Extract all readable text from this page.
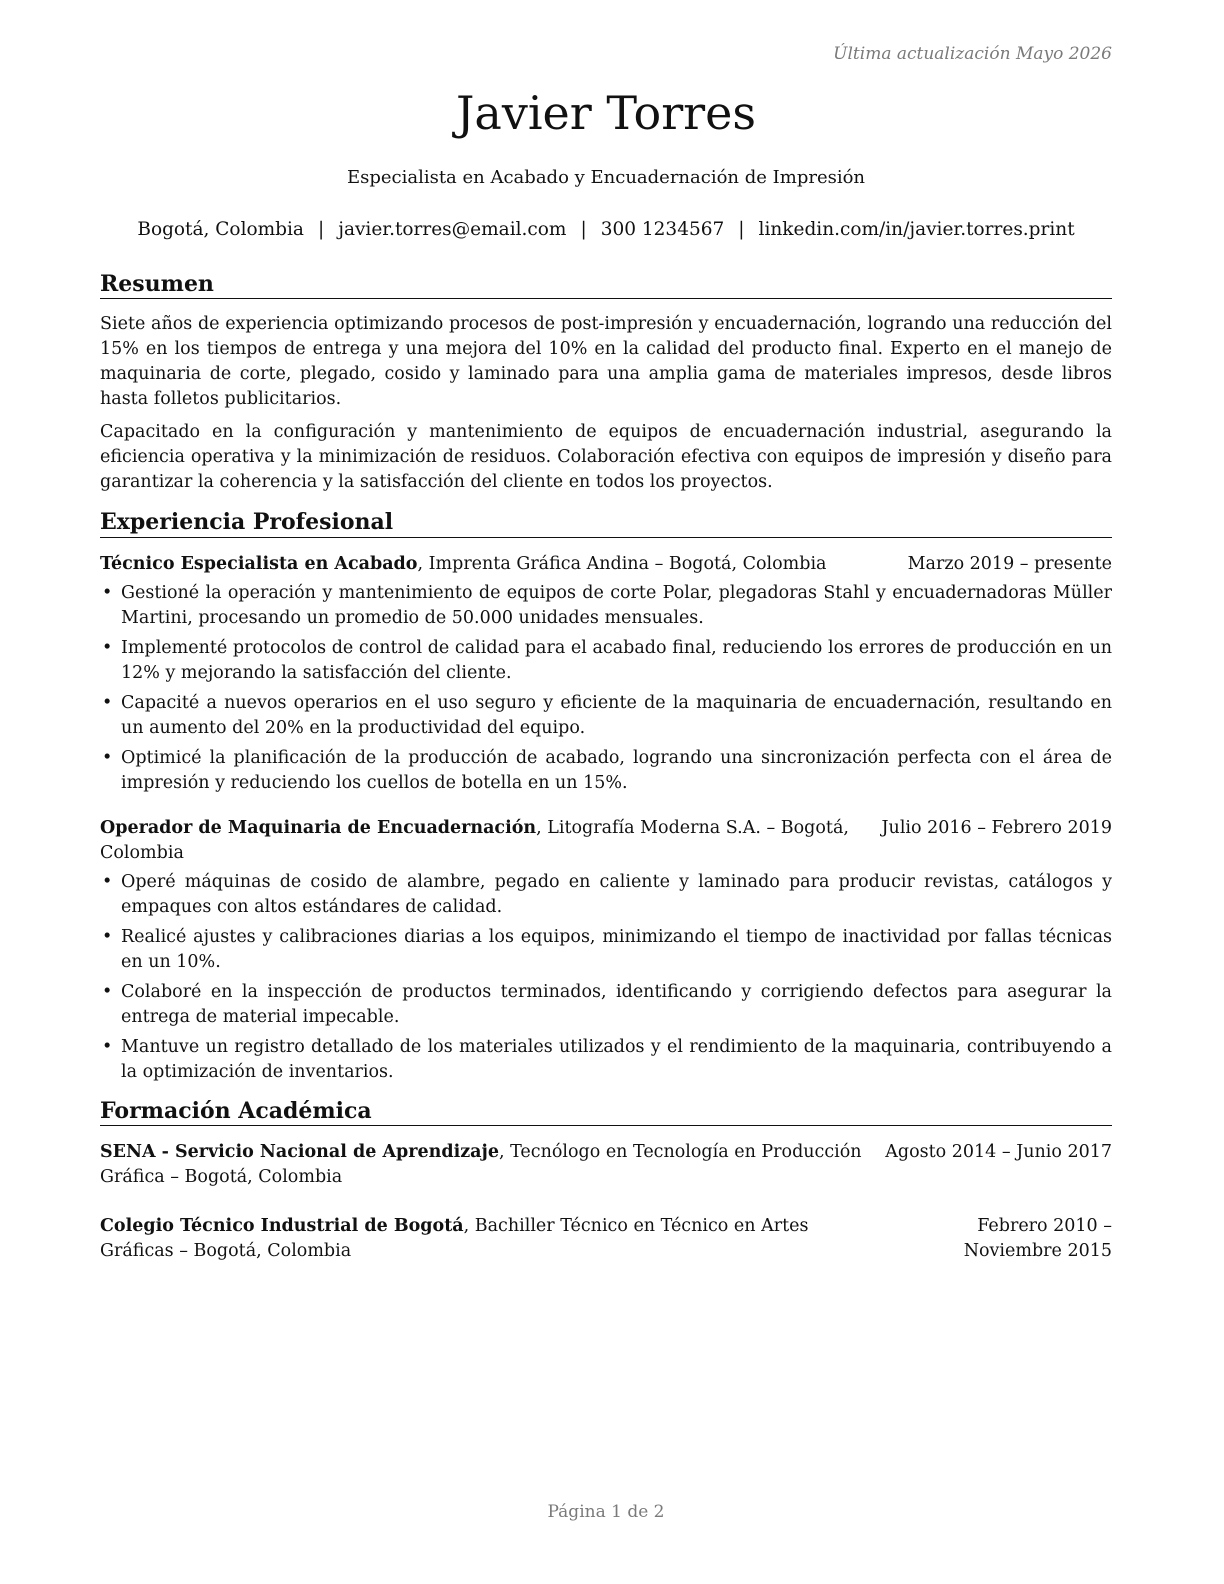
Última actualización Mayo 2026
Javier Torres
Especialista en Acabado y Encuadernación de Impresión
Bogotá, Colombia | javier.torres@email.com | 300 1234567 | linkedin.com/in/javier.torres.print
Resumen

Siete años de experiencia optimizando procesos de post-impresión y encuadernación, logrando una reducción del 15% en los tiempos de entrega y una mejora del 10% en la calidad del producto final. Experto en el manejo de maquinaria de corte, plegado, cosido y laminado para una amplia gama de materiales impresos, desde libros hasta folletos publicitarios.

Capacitado en la configuración y mantenimiento de equipos de encuadernación industrial, asegurando la eficiencia operativa y la minimización de residuos. Colaboración efectiva con equipos de impresión y diseño para garantizar la coherencia y la satisfacción del cliente en todos los proyectos.

Experiencia Profesional
Técnico Especialista en Acabado, Imprenta Gráfica Andina – Bogotá, Colombia	Marzo 2019 – presente
• Gestioné la operación y mantenimiento de equipos de corte Polar, plegadoras Stahl y encuadernadoras Müller Martini, procesando un promedio de 50.000 unidades mensuales.
• Implementé protocolos de control de calidad para el acabado final, reduciendo los errores de producción en un 12% y mejorando la satisfacción del cliente.
• Capacité a nuevos operarios en el uso seguro y eficiente de la maquinaria de encuadernación, resultando en un aumento del 20% en la productividad del equipo.
• Optimicé la planificación de la producción de acabado, logrando una sincronización perfecta con el área de impresión y reduciendo los cuellos de botella en un 15%.
Operador de Maquinaria de Encuadernación, Litografía Moderna S.A. – Bogotá, Colombia
Julio 2016 – Febrero 2019
• Operé máquinas de cosido de alambre, pegado en caliente y laminado para producir revistas, catálogos y empaques con altos estándares de calidad.
• Realicé ajustes y calibraciones diarias a los equipos, minimizando el tiempo de inactividad por fallas técnicas en un 10%.
• Colaboré en la inspección de productos terminados, identificando y corrigiendo defectos para asegurar la entrega de material impecable.
• Mantuve un registro detallado de los materiales utilizados y el rendimiento de la maquinaria, contribuyendo a la optimización de inventarios.
Formación Académica
SENA - Servicio Nacional de Aprendizaje, Tecnólogo en Tecnología en Producción Gráfica – Bogotá, Colombia
Agosto 2014 – Junio 2017
Colegio Técnico Industrial de Bogotá, Bachiller Técnico en Técnico en Artes Gráficas – Bogotá, Colombia
Febrero 2010 – Noviembre 2015
Página 1 de 2
